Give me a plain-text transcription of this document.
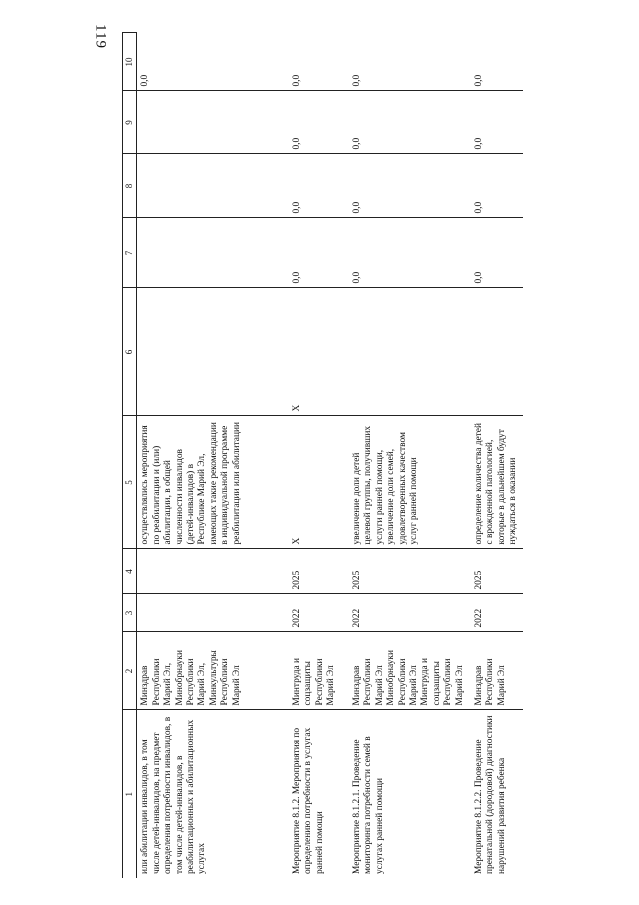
119
1	2	3	4	5	6	7	8	9	10
или абилитации инвалидов, в том числе детей-инвалидов, на предмет определения потребности инвалидов, в том числе детей-инвалидов, в реабилитационных и абилитационных услугах	Минздрав Республики Марий Эл, Минобрнауки Республики Марий Эл, Минкультуры Республики Марий Эл			осуществлялись мероприятия по реабилитации и (или) абилитации, в общей численности инвалидов (детей-инвалидов) в Республике Марий Эл, имеющих такие рекомендации в индивидуальной программе реабилитации или абилитации					0,0
Мероприятие 8.1.2. Мероприятия по определению потребности в услугах ранней помощи	Минтруда и соцзащиты Республики Марий Эл	2022	2025	X	X	0,0	0,0	0,0	0,0
Мероприятие 8.1.2.1. Проведение мониторинга потребности семей в услугах ранней помощи	Минздрав Республики Марий Эл Минобрнауки Республики Марий Эл Минтруда и соцзащиты Республики Марий Эл	2022	2025	увеличение доли детей целевой группы, получивших услуги ранней помощи, увеличение доли семей, удовлетворенных качеством услуг ранней помощи		0,0	0,0	0,0	0,0
Мероприятие 8.1.2.2. Проведение пренатальной (дородовой) диагностики нарушений развития ребенка	Минздрав Республики Марий Эл	2022	2025	определение количества детей с врожденной патологией, которые в дальнейшем будут нуждаться в оказании		0,0	0,0	0,0	0,0
